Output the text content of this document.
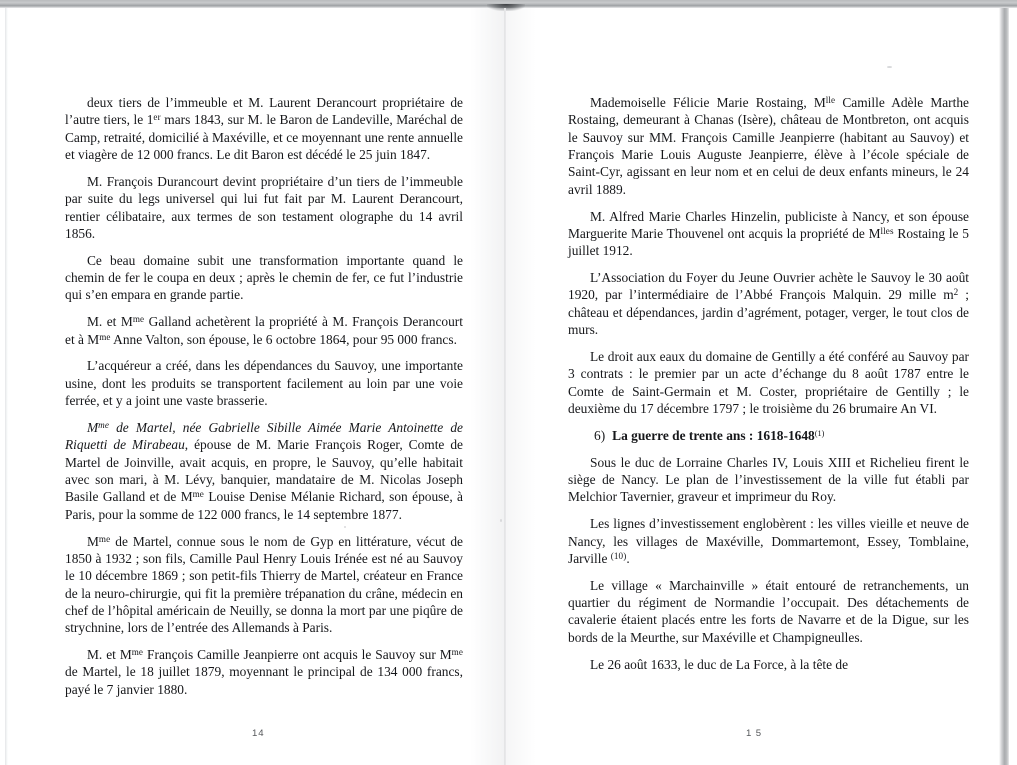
deux tiers de l’immeuble et M. Laurent Derancourt propriétaire de l’autre tiers, le 1er mars 1843, sur M. le Baron de Landeville, Maréchal de Camp, retraité, domicilié à Maxéville, et ce moyennant une rente annuelle et viagère de 12 000 francs. Le dit Baron est décédé le 25 juin 1847.

M. François Durancourt devint propriétaire d’un tiers de l’immeuble par suite du legs universel qui lui fut fait par M. Laurent Derancourt, rentier célibataire, aux termes de son testament olographe du 14 avril 1856.

Ce beau domaine subit une transformation importante quand le chemin de fer le coupa en deux ; après le chemin de fer, ce fut l’industrie qui s’en empara en grande partie.

M. et $M^{me}$ Galland achetèrent la propriété à M. François Derancourt et à $M^{me}$ Anne Valton, son épouse, le 6 octobre 1864, pour 95 000 francs.

L’acquéreur a créé, dans les dépendances du Sauvoy, une importante usine, dont les produits se transportent facilement au loin par une voie ferrée, et y a joint une vaste brasserie.

$M^{me}$ de Martel, née Gabrielle Sibille Aimée Marie Antoinette de Riquetti de Mirabeau, épouse de M. Marie François Roger, Comte de Martel de Joinville, avait acquis, en propre, le Sauvoy, qu’elle habitait avec son mari, à M. Lévy, banquier, mandataire de M. Nicolas Joseph Basile Galland et de $M^{me}$ Louise Denise Mélanie Richard, son épouse, à Paris, pour la somme de 122 000 francs, le 14 septembre 1877.

$M^{me}$ de Martel, connue sous le nom de Gyp en littérature, vécut de 1850 à 1932 ; son fils, Camille Paul Henry Louis Irénée est né au Sauvoy le 10 décembre 1869 ; son petit-fils Thierry de Martel, créateur en France de la neuro-chirurgie, qui fit la première trépanation du crâne, médecin en chef de l’hôpital américain de Neuilly, se donna la mort par une piqûre de strychnine, lors de l’entrée des Allemands à Paris.

M. et $M^{me}$ François Camille Jeanpierre ont acquis le Sauvoy sur $M^{me}$ de Martel, le 18 juillet 1879, moyennant le principal de 134 000 francs, payé le 7 janvier 1880.

14

Mademoiselle Félicie Marie Rostaing, $M^{lle}$ Camille Adèle Marthe Rostaing, demeurant à Chanas (Isère), château de Montbreton, ont acquis le Sauvoy sur MM. François Camille Jeanpierre (habitant au Sauvoy) et François Marie Louis Auguste Jeanpierre, élève à l’école spéciale de Saint-Cyr, agissant en leur nom et en celui de deux enfants mineurs, le 24 avril 1889.

M. Alfred Marie Charles Hinzelin, publiciste à Nancy, et son épouse Marguerite Marie Thouvenel ont acquis la propriété de $M^{lles}$ Rostaing le 5 juillet 1912.

L’Association du Foyer du Jeune Ouvrier achète le Sauvoy le 30 août 1920, par l’intermédiaire de l’Abbé François Malquin. 29 mille $m^2$ ; château et dépendances, jardin d’agrément, potager, verger, le tout clos de murs.

Le droit aux eaux du domaine de Gentilly a été conféré au Sauvoy par 3 contrats : le premier par un acte d’échange du 8 août 1787 entre le Comte de Saint-Germain et M. Coster, propriétaire de Gentilly ; le deuxième du 17 décembre 1797 ; le troisième du 26 brumaire An VI.

6) La guerre de trente ans : 1618-1648$^{(1)}$

Sous le duc de Lorraine Charles IV, Louis XIII et Richelieu firent le siège de Nancy. Le plan de l’investissement de la ville fut établi par Melchior Tavernier, graveur et imprimeur du Roy.

Les lignes d’investissement englobèrent : les villes vieille et neuve de Nancy, les villages de Maxéville, Dommartemont, Essey, Tomblaine, Jarville $^{(10)}$.

Le village « Marchainville » était entouré de retranchements, un quartier du régiment de Normandie l’occupait. Des détachements de cavalerie étaient placés entre les forts de Navarre et de la Digue, sur les bords de la Meurthe, sur Maxéville et Champigneulles.

Le 26 août 1633, le duc de La Force, à la tête de

1 5
